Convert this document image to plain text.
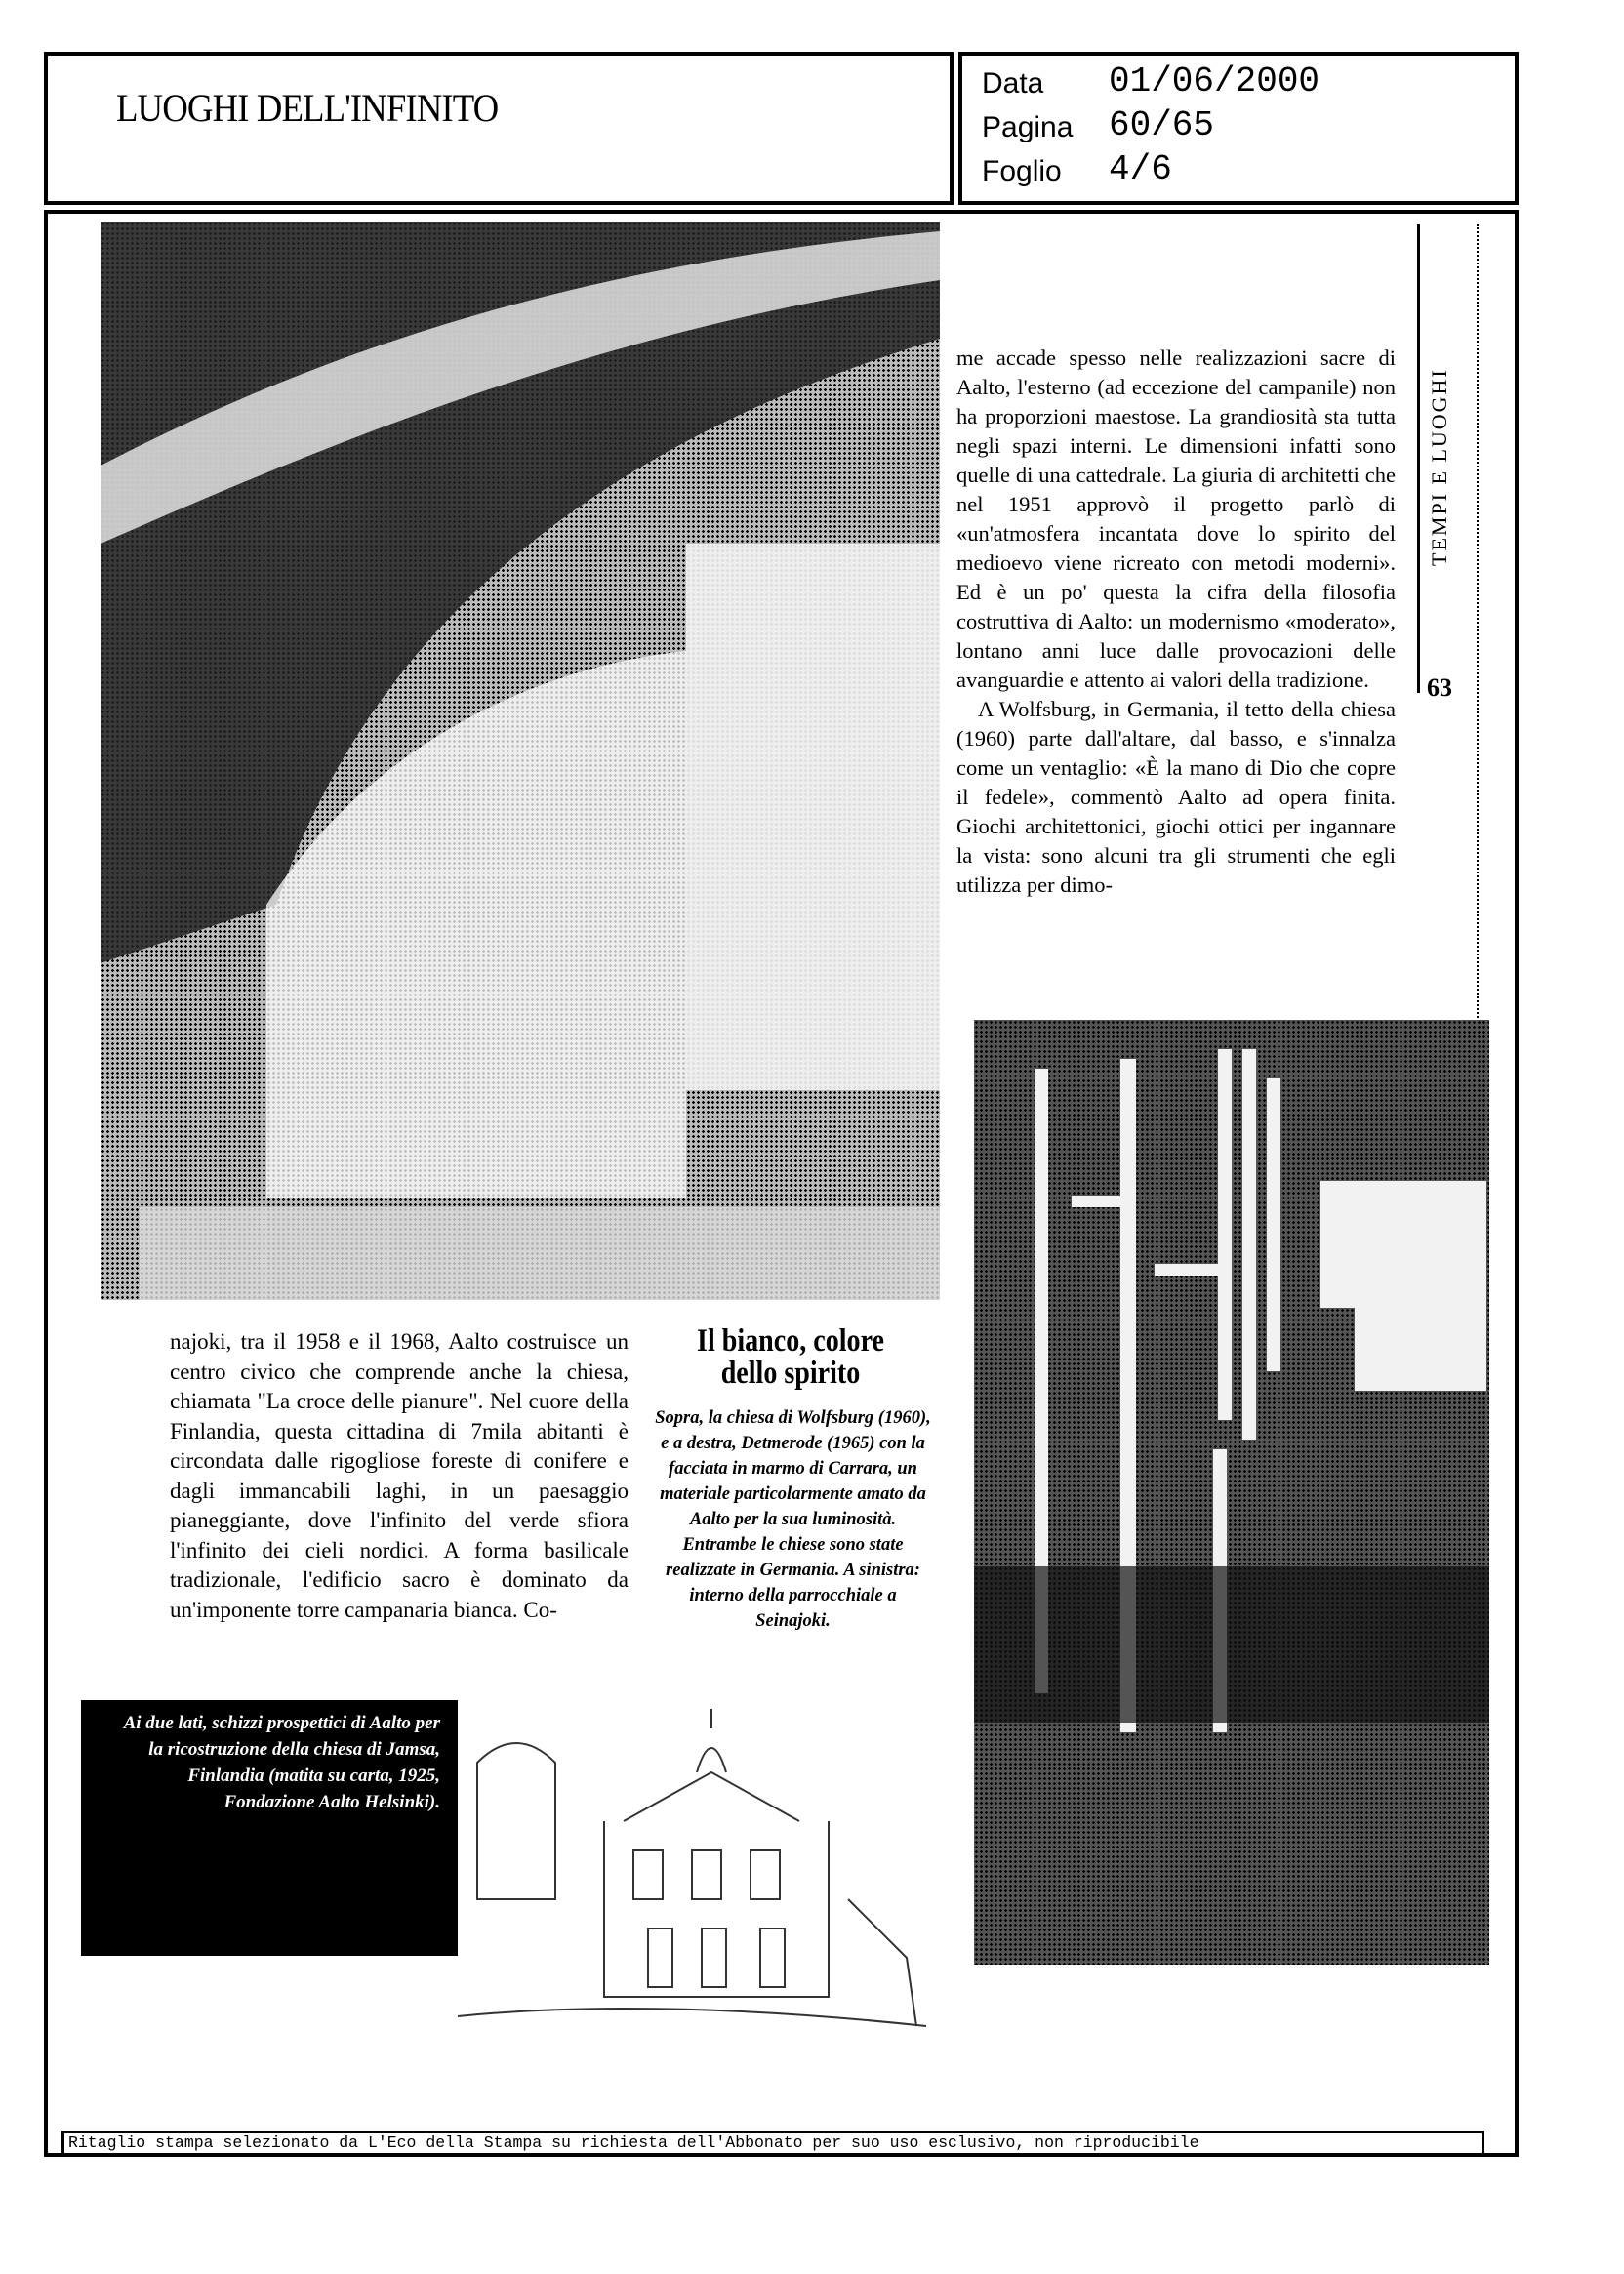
LUOGHI DELL'INFINITO
Data 01/06/2000
Pagina 60/65
Foglio 4/6
me accade spesso nelle realizzazioni sacre di Aalto, l'esterno (ad eccezione del campanile) non ha proporzioni maestose. La grandiosità sta tutta negli spazi interni. Le dimensioni infatti sono quelle di una cattedrale. La giuria di architetti che nel 1951 approvò il progetto parlò di «un'atmosfera incantata dove lo spirito del medioevo viene ricreato con metodi moderni». Ed è un po' questa la cifra della filosofia costruttiva di Aalto: un modernismo «moderato», lontano anni luce dalle provocazioni delle avanguardie e attento ai valori della tradizione.
A Wolfsburg, in Germania, il tetto della chiesa (1960) parte dall'altare, dal basso, e s'innalza come un ventaglio: «È la mano di Dio che copre il fedele», commentò Aalto ad opera finita. Giochi architettonici, giochi ottici per ingannare la vista: sono alcuni tra gli strumenti che egli utilizza per dimo-
TEMPI E LUOGHI
63
najoki, tra il 1958 e il 1968, Aalto costruisce un centro civico che comprende anche la chiesa, chiamata "La croce delle pianure". Nel cuore della Finlandia, questa cittadina di 7mila abitanti è circondata dalle rigogliose foreste di conifere e dagli immancabili laghi, in un paesaggio pianeggiante, dove l'infinito del verde sfiora l'infinito dei cieli nordici. A forma basilicale tradizionale, l'edificio sacro è dominato da un'imponente torre campanaria bianca. Co-
Il bianco, colore dello spirito
Sopra, la chiesa di Wolfsburg (1960), e a destra, Detmerode (1965) con la facciata in marmo di Carrara, un materiale particolarmente amato da Aalto per la sua luminosità. Entrambe le chiese sono state realizzate in Germania. A sinistra: interno della parrocchiale a Seinajoki.
Ai due lati, schizzi prospettici di Aalto per la ricostruzione della chiesa di Jamsa, Finlandia (matita su carta, 1925, Fondazione Aalto Helsinki).
Ritaglio stampa selezionato da L'Eco della Stampa su richiesta dell'Abbonato per suo uso esclusivo, non riproducibile
